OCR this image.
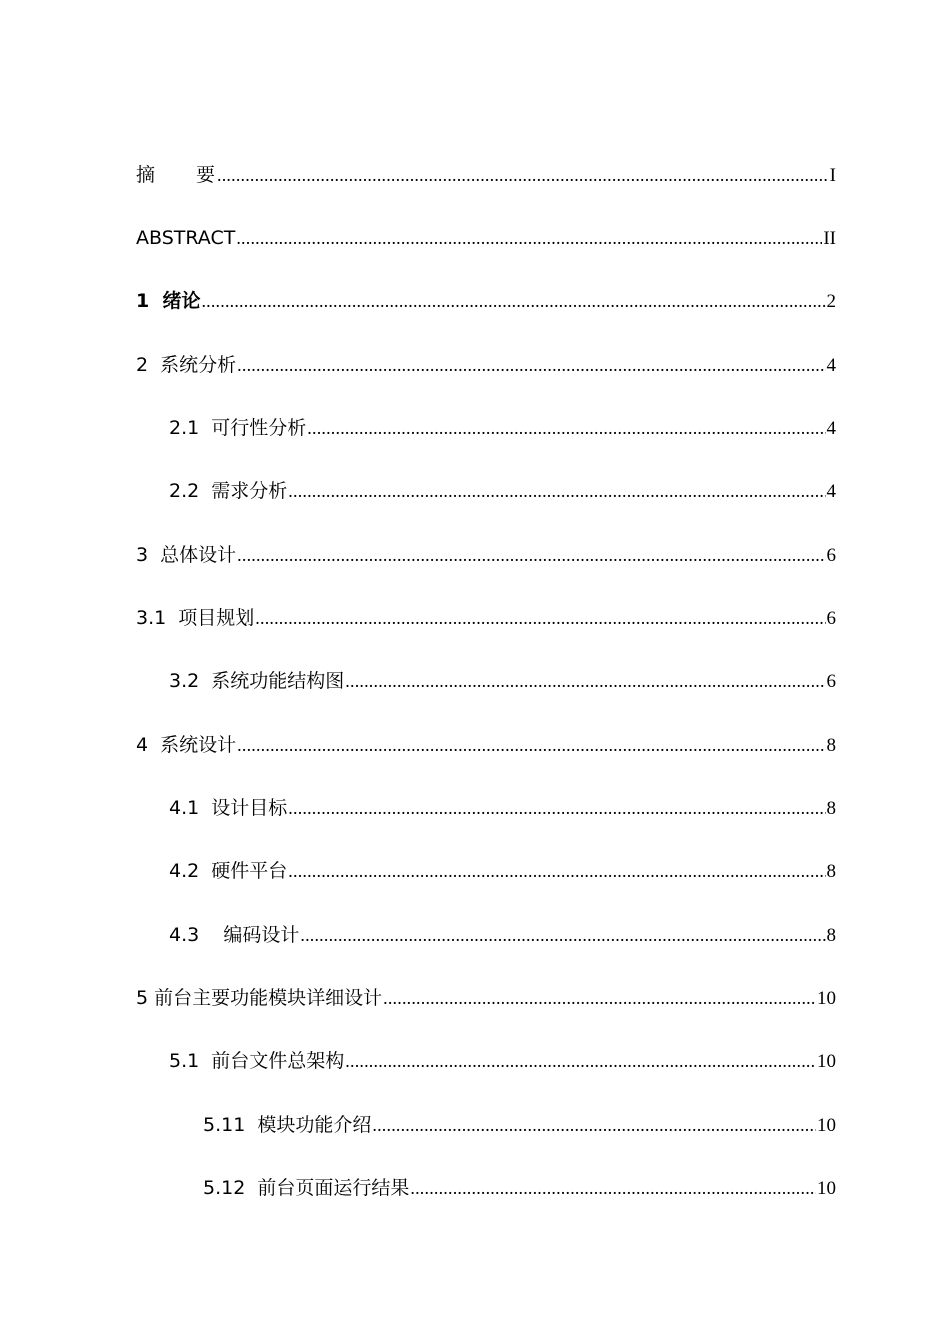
摘　　要 .....	I
ABSTRACT .....	II
1  绪论 .....	2
2  系统分析 .....	4
2.1  可行性分析 .....	4
2.2  需求分析 .....	4
3  总体设计 .....	6
3.1  项目规划 .....	6
3.2  系统功能结构图 .....	6
4  系统设计 .....	8
4.1  设计目标 .....	8
4.2  硬件平台 .....	8
4.3    编码设计 .....	8
5 前台主要功能模块详细设计 .....	10
5.1  前台文件总架构 .....	10
5.11  模块功能介绍 .....	10
5.12  前台页面运行结果 .....	10
